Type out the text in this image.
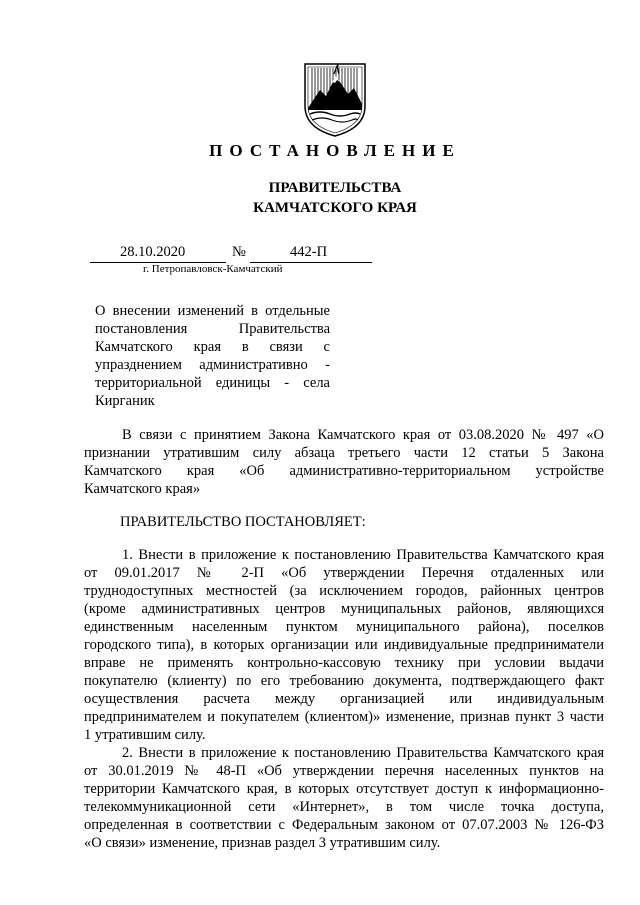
ПОСТАНОВЛЕНИЕ
ПРАВИТЕЛЬСТВА
КАМЧАТСКОГО КРАЯ
28.10.2020	№	442-П
г. Петропавловск-Камчатский
О внесении изменений в отдельные
постановления Правительства
Камчатского края в связи с
упразднением административно -
территориальной единицы - села
Кирганик
В связи с принятием Закона Камчатского края от 03.08.2020 № 497 «О
признании утратившим силу абзаца третьего части 12 статьи 5 Закона
Камчатского края «Об административно-территориальном устройстве
Камчатского края»
ПРАВИТЕЛЬСТВО ПОСТАНОВЛЯЕТ:
1. Внести в приложение к постановлению Правительства Камчатского края
от 09.01.2017 № 2-П «Об утверждении Перечня отдаленных или
труднодоступных местностей (за исключением городов, районных центров
(кроме административных центров муниципальных районов, являющихся
единственным населенным пунктом муниципального района), поселков
городского типа), в которых организации или индивидуальные предприниматели
вправе не применять контрольно-кассовую технику при условии выдачи
покупателю (клиенту) по его требованию документа, подтверждающего факт
осуществления расчета между организацией или индивидуальным
предпринимателем и покупателем (клиентом)» изменение, признав пункт 3 части
1 утратившим силу.
2. Внести в приложение к постановлению Правительства Камчатского края
от 30.01.2019 № 48-П «Об утверждении перечня населенных пунктов на
территории Камчатского края, в которых отсутствует доступ к информационно-
телекоммуникационной сети «Интернет», в том числе точка доступа,
определенная в соответствии с Федеральным законом от 07.07.2003 № 126-ФЗ
«О связи» изменение, признав раздел 3 утратившим силу.
